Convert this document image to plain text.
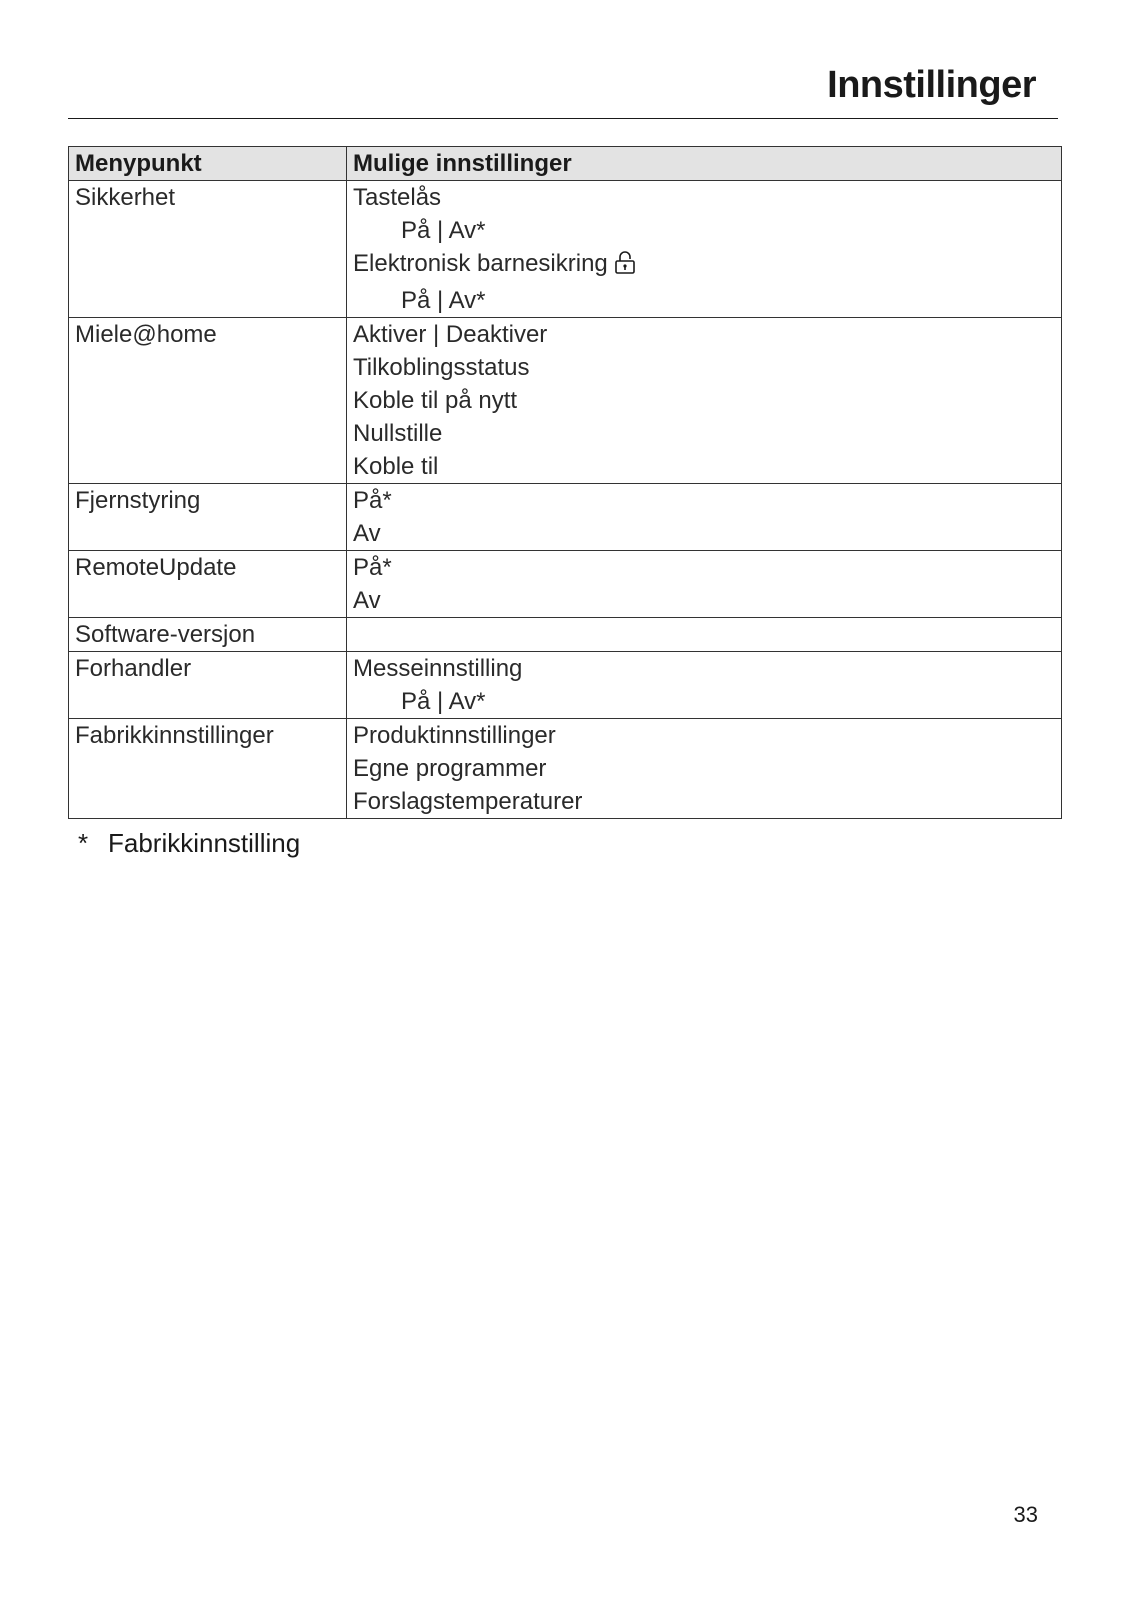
Innstillinger
Menypunkt	Mulige innstillinger
Sikkerhet	Tastelås
På | Av*
Elektronisk barnesikring
På | Av*

Miele@home	Aktiver | Deaktiver
Tilkoblingsstatus
Koble til på nytt
Nullstille
Koble til

Fjernstyring	På*
Av

RemoteUpdate	På*
Av

Software-versjon	
Forhandler	Messeinnstilling
På | Av*

Fabrikkinnstillinger	Produktinnstillinger
Egne programmer
Forslagstemperaturer
* Fabrikkinnstilling
33
